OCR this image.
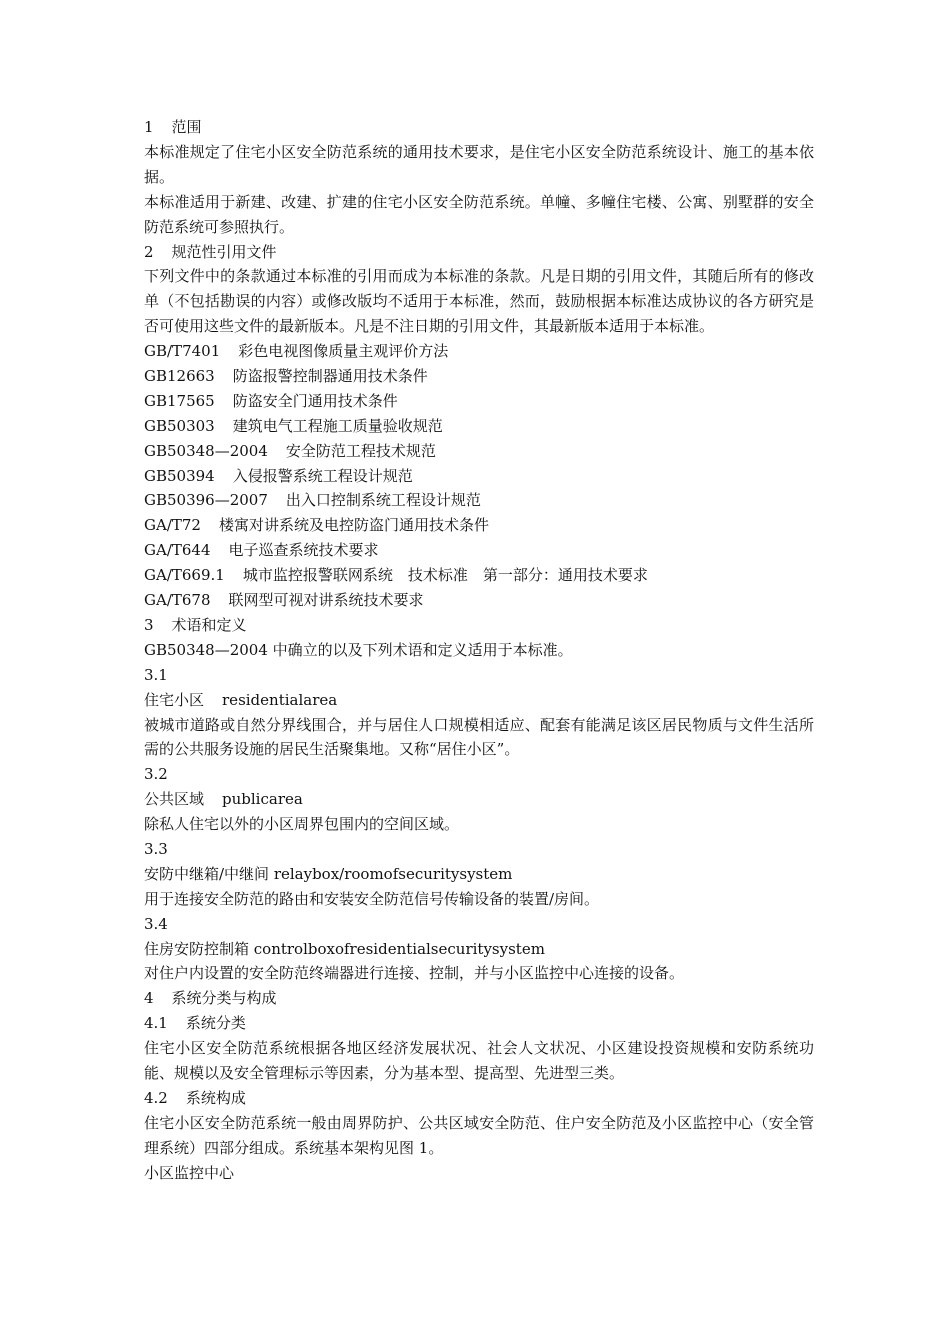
1 范围
本标准规定了住宅小区安全防范系统的通用技术要求，是住宅小区安全防范系统设计、施工的基本依据。
本标准适用于新建、改建、扩建的住宅小区安全防范系统。单幢、多幢住宅楼、公寓、别墅群的安全防范系统可参照执行。
2 规范性引用文件
下列文件中的条款通过本标准的引用而成为本标准的条款。凡是日期的引用文件，其随后所有的修改单（不包括勘误的内容）或修改版均不适用于本标准，然而，鼓励根据本标准达成协议的各方研究是否可使用这些文件的最新版本。凡是不注日期的引用文件，其最新版本适用于本标准。
GB/T7401 彩色电视图像质量主观评价方法
GB12663 防盗报警控制器通用技术条件
GB17565 防盗安全门通用技术条件
GB50303 建筑电气工程施工质量验收规范
GB50348—2004 安全防范工程技术规范
GB50394 入侵报警系统工程设计规范
GB50396—2007 出入口控制系统工程设计规范
GA/T72 楼寓对讲系统及电控防盗门通用技术条件
GA/T644 电子巡查系统技术要求
GA/T669.1 城市监控报警联网系统　技术标准　第一部分：通用技术要求
GA/T678 联网型可视对讲系统技术要求
3 术语和定义
GB50348—2004 中确立的以及下列术语和定义适用于本标准。
3.1
住宅小区 residentialarea
被城市道路或自然分界线围合，并与居住人口规模相适应、配套有能满足该区居民物质与文件生活所需的公共服务设施的居民生活聚集地。又称“居住小区”。
3.2
公共区域 publicarea
除私人住宅以外的小区周界包围内的空间区域。
3.3
安防中继箱/中继间 relaybox/roomofsecuritysystem
用于连接安全防范的路由和安装安全防范信号传输设备的装置/房间。
3.4
住房安防控制箱 controlboxofresidentialsecuritysystem
对住户内设置的安全防范终端器进行连接、控制，并与小区监控中心连接的设备。
4 系统分类与构成
4.1 系统分类
住宅小区安全防范系统根据各地区经济发展状况、社会人文状况、小区建设投资规模和安防系统功能、规模以及安全管理标示等因素，分为基本型、提高型、先进型三类。
4.2 系统构成
住宅小区安全防范系统一般由周界防护、公共区域安全防范、住户安全防范及小区监控中心（安全管理系统）四部分组成。系统基本架构见图 1。
小区监控中心
